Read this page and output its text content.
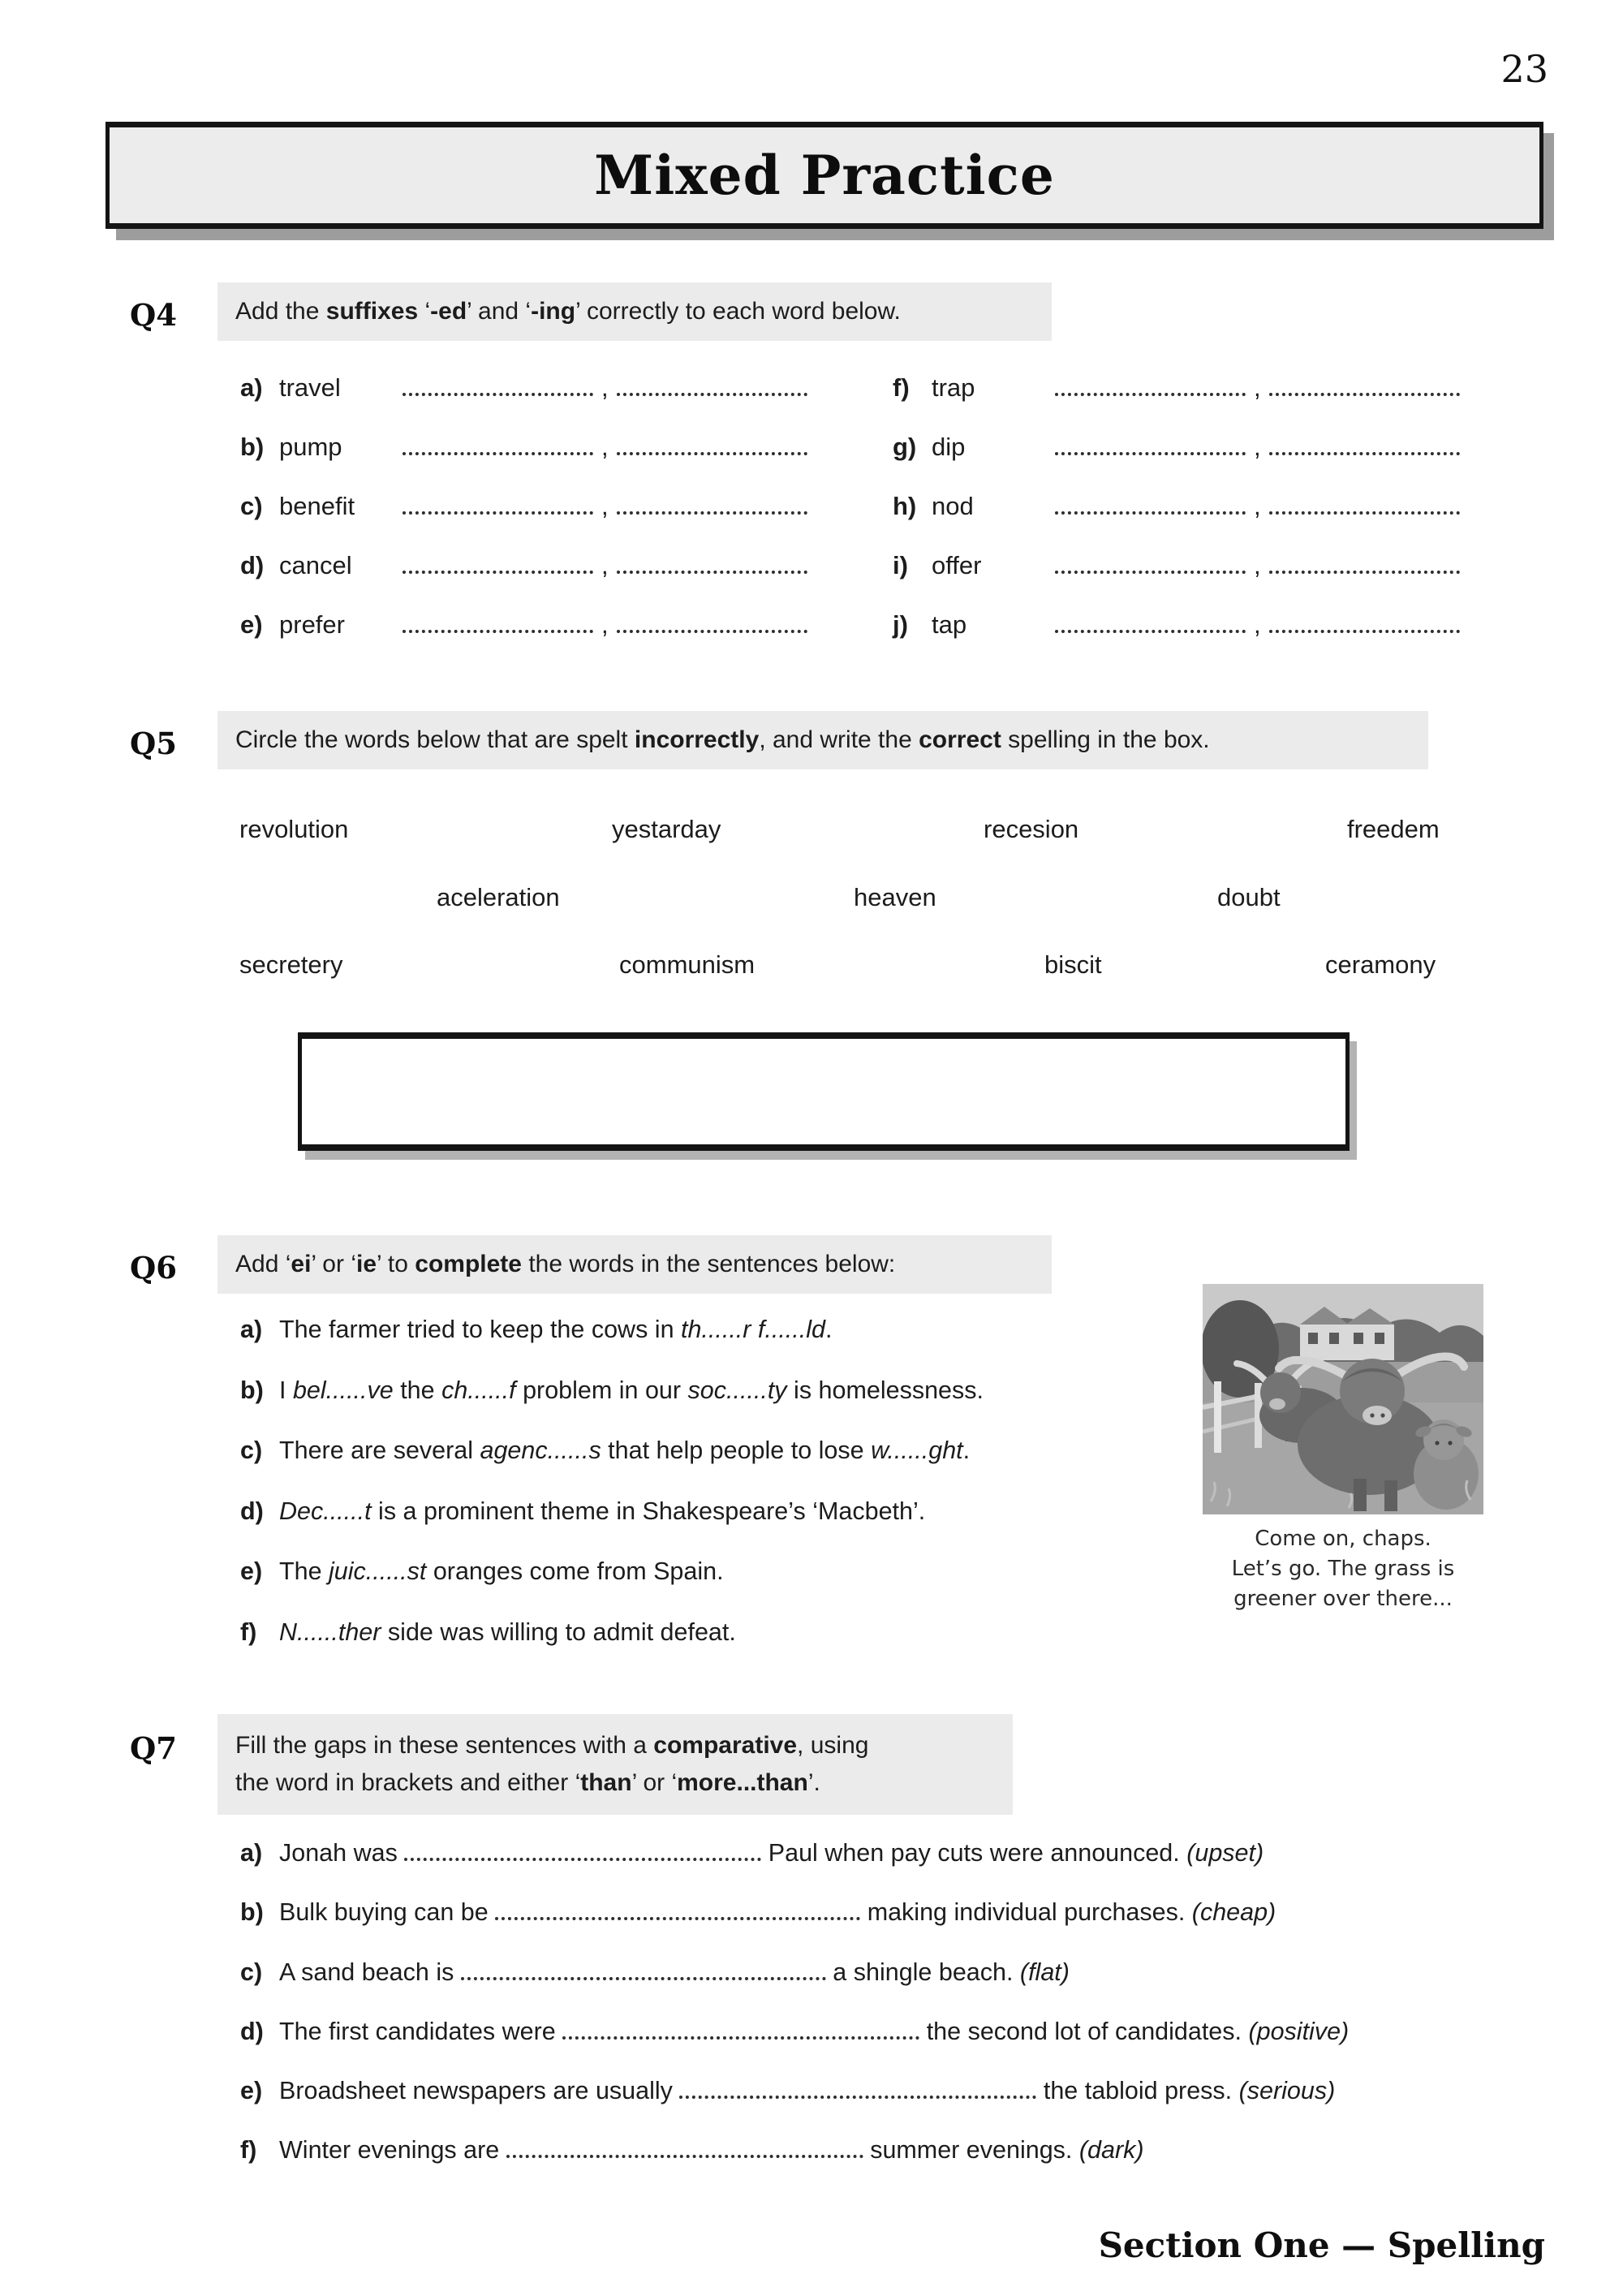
23
Mixed Practice
Q4 Add the suffixes ‘-ed’ and ‘-ing’ correctly to each word below.
a) travel	,
b) pump	,
c) benefit	,
d) cancel	,
e) prefer	,
f) trap	,
g) dip	,
h) nod	,
i) offer	,
j) tap	,
Q5 Circle the words below that are spelt incorrectly, and write the correct spelling in the box.
revolution	yestarday	recesion	freedem
aceleration	heaven	doubt
secretery	communism	biscit	ceramony
Q6 Add ‘ei’ or ‘ie’ to complete the words in the sentences below:
a) The farmer tried to keep the cows in th......r f......ld.
b) I bel......ve the ch......f problem in our soc......ty is homelessness.
c) There are several agenc......s that help people to lose w......ght.
d) Dec......t is a prominent theme in Shakespeare’s ‘Macbeth’.
e) The juic......st oranges come from Spain.
f) N......ther side was willing to admit defeat.
Come on, chaps.
Let’s go. The grass is
greener over there...
Q7 Fill the gaps in these sentences with a comparative, using
the word in brackets and either ‘than’ or ‘more...than’.
a) Jonah was	Paul when pay cuts were announced. (upset)
b) Bulk buying can be	making individual purchases. (cheap)
c) A sand beach is	a shingle beach. (flat)
d) The first candidates were	the second lot of candidates. (positive)
e) Broadsheet newspapers are usually	the tabloid press. (serious)
f) Winter evenings are	summer evenings. (dark)
Section One — Spelling
